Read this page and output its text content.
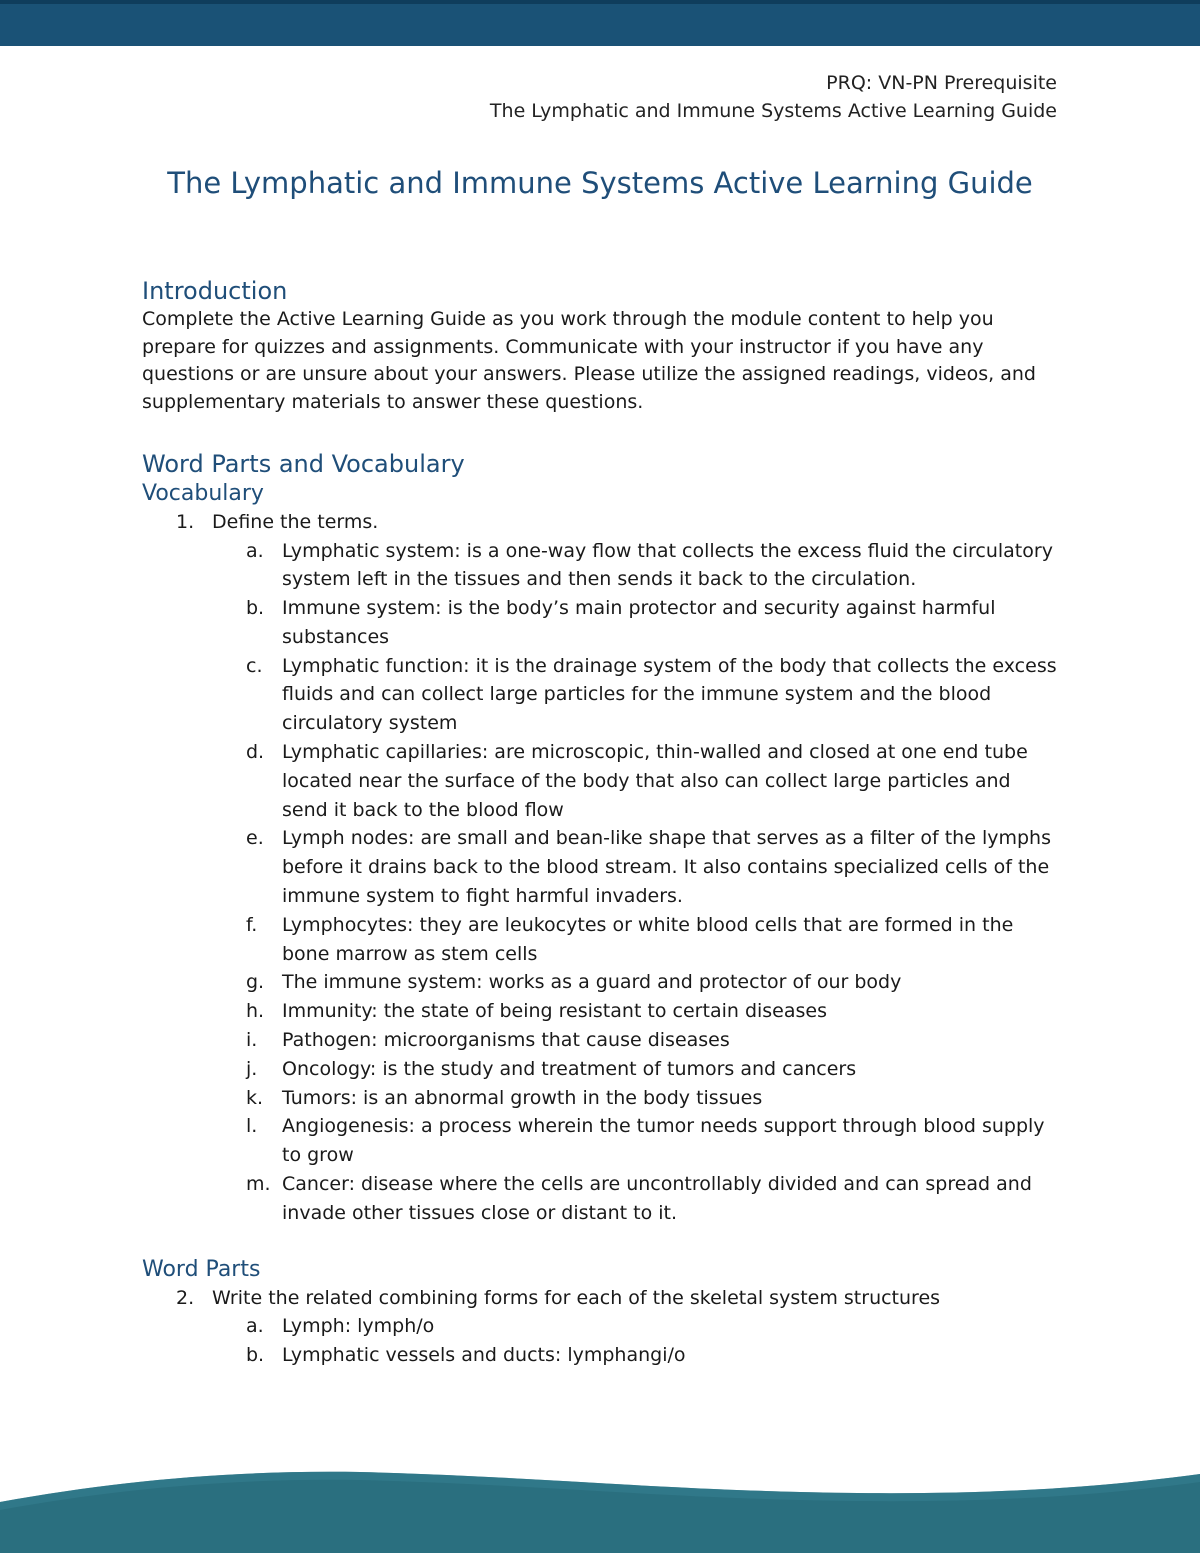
PRQ: VN-PN Prerequisite
The Lymphatic and Immune Systems Active Learning Guide
The Lymphatic and Immune Systems Active Learning Guide
Introduction

Complete the Active Learning Guide as you work through the module content to help you prepare for quizzes and assignments. Communicate with your instructor if you have any questions or are unsure about your answers. Please utilize the assigned readings, videos, and supplementary materials to answer these questions.

Word Parts and Vocabulary
Vocabulary
1. Define the terms.
a. Lymphatic system: is a one-way flow that collects the excess fluid the circulatory system left in the tissues and then sends it back to the circulation.
b. Immune system: is the body’s main protector and security against harmful substances
c. Lymphatic function: it is the drainage system of the body that collects the excess fluids and can collect large particles for the immune system and the blood circulatory system
d. Lymphatic capillaries: are microscopic, thin-walled and closed at one end tube located near the surface of the body that also can collect large particles and send it back to the blood flow
e. Lymph nodes: are small and bean-like shape that serves as a filter of the lymphs before it drains back to the blood stream. It also contains specialized cells of the immune system to fight harmful invaders.
f. Lymphocytes: they are leukocytes or white blood cells that are formed in the bone marrow as stem cells
g. The immune system: works as a guard and protector of our body
h. Immunity: the state of being resistant to certain diseases
i. Pathogen: microorganisms that cause diseases
j. Oncology: is the study and treatment of tumors and cancers
k. Tumors: is an abnormal growth in the body tissues
l. Angiogenesis: a process wherein the tumor needs support through blood supply to grow
m. Cancer: disease where the cells are uncontrollably divided and can spread and invade other tissues close or distant to it.
Word Parts
2. Write the related combining forms for each of the skeletal system structures
a. Lymph: lymph/o
b. Lymphatic vessels and ducts: lymphangi/o
